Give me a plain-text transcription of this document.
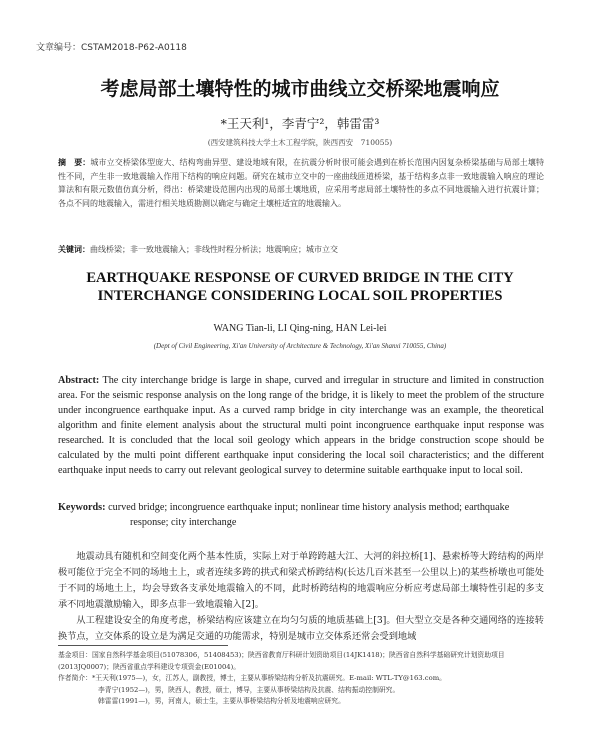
文章编号：CSTAM2018-P62-A0118
考虑局部土壤特性的城市曲线立交桥梁地震响应
*王天利¹，李青宁²，韩雷雷³
(西安建筑科技大学土木工程学院，陕西西安　710055)
摘　要：城市立交桥梁体型庞大、结构弯曲异型、建设地域有限，在抗震分析时很可能会遇到在桥长范围内因复杂桥梁基础与局部土壤特性不同，产生非一致地震输入作用下结构的响应问题。研究在城市立交中的一座曲线匝道桥梁，基于结构多点非一致地震输入响应的理论算法和有限元数值仿真分析，得出：桥梁建设范围内出现的局部土壤地质，应采用考虑局部土壤特性的多点不同地震输入进行抗震计算；各点不同的地震输入，需进行相关地质勘测以确定与确定土壤桩适宜的地震输入。
关键词：曲线桥梁；非一致地震输入；非线性时程分析法；地震响应；城市立交
EARTHQUAKE RESPONSE OF CURVED BRIDGE IN THE CITY
INTERCHANGE CONSIDERING LOCAL SOIL PROPERTIES
WANG Tian-li, LI Qing-ning, HAN Lei-lei
(Dept of Civil Engineering, Xi'an University of Architecture & Technology, Xi'an Shanxi 710055, China)
Abstract: The city interchange bridge is large in shape, curved and irregular in structure and limited in construction area. For the seismic response analysis on the long range of the bridge, it is likely to meet the problem of the structure under incongruence earthquake input. As a curved ramp bridge in city interchange was an example, the theoretical algorithm and finite element analysis about the structural multi point incongruence earthquake input response was researched. It is concluded that the local soil geology which appears in the bridge construction scope should be calculated by the multi point different earthquake input considering the local soil characteristics; and the different earthquake input needs to carry out relevant geological survey to determine suitable earthquake input to local soil.
Keywords: curved bridge; incongruence earthquake input; nonlinear time history analysis method; earthquake response; city interchange

地震动具有随机和空间变化两个基本性质，实际上对于单跨跨越大江、大河的斜拉桥[1]、悬索桥等大跨结构的两岸极可能位于完全不同的场地土上，或者连续多跨的拱式和梁式桥跨结构(长达几百米甚至一公里以上)的某些桥墩也可能处于不同的场地土上，均会导致各支承处地震输入的不同，此时桥跨结构的地震响应分析应考虑局部土壤特性引起的多支承不同地震激励输入，即多点非一致地震输入[2]。

从工程建设安全的角度考虑，桥梁结构应该建立在均匀匀质的地质基础上[3]。但大型立交是各种交通网络的连接转换节点，立交体系的设立是为满足交通的功能需求，特别是城市立交体系还常会受到地域

基金项目：国家自然科学基金项目(51078306，51408453)；陕西省教育厅科研计划资助项目(14JK1418)；陕西省自然科学基础研究计划资助项目(2013JQ0007)；陕西省重点学科建设专项资金(E01004)。

作者简介：*王天利(1975—)，女，江苏人，副教授，博士，主要从事桥梁结构分析及抗震研究。E-mail: WTL-TY@163.com。

李青宁(1952—)，男，陕西人，教授，硕士，博导，主要从事桥梁结构及抗震、结构振动控制研究。

韩雷雷(1991—)，男，河南人，硕士生，主要从事桥梁结构分析及地震响应研究。
